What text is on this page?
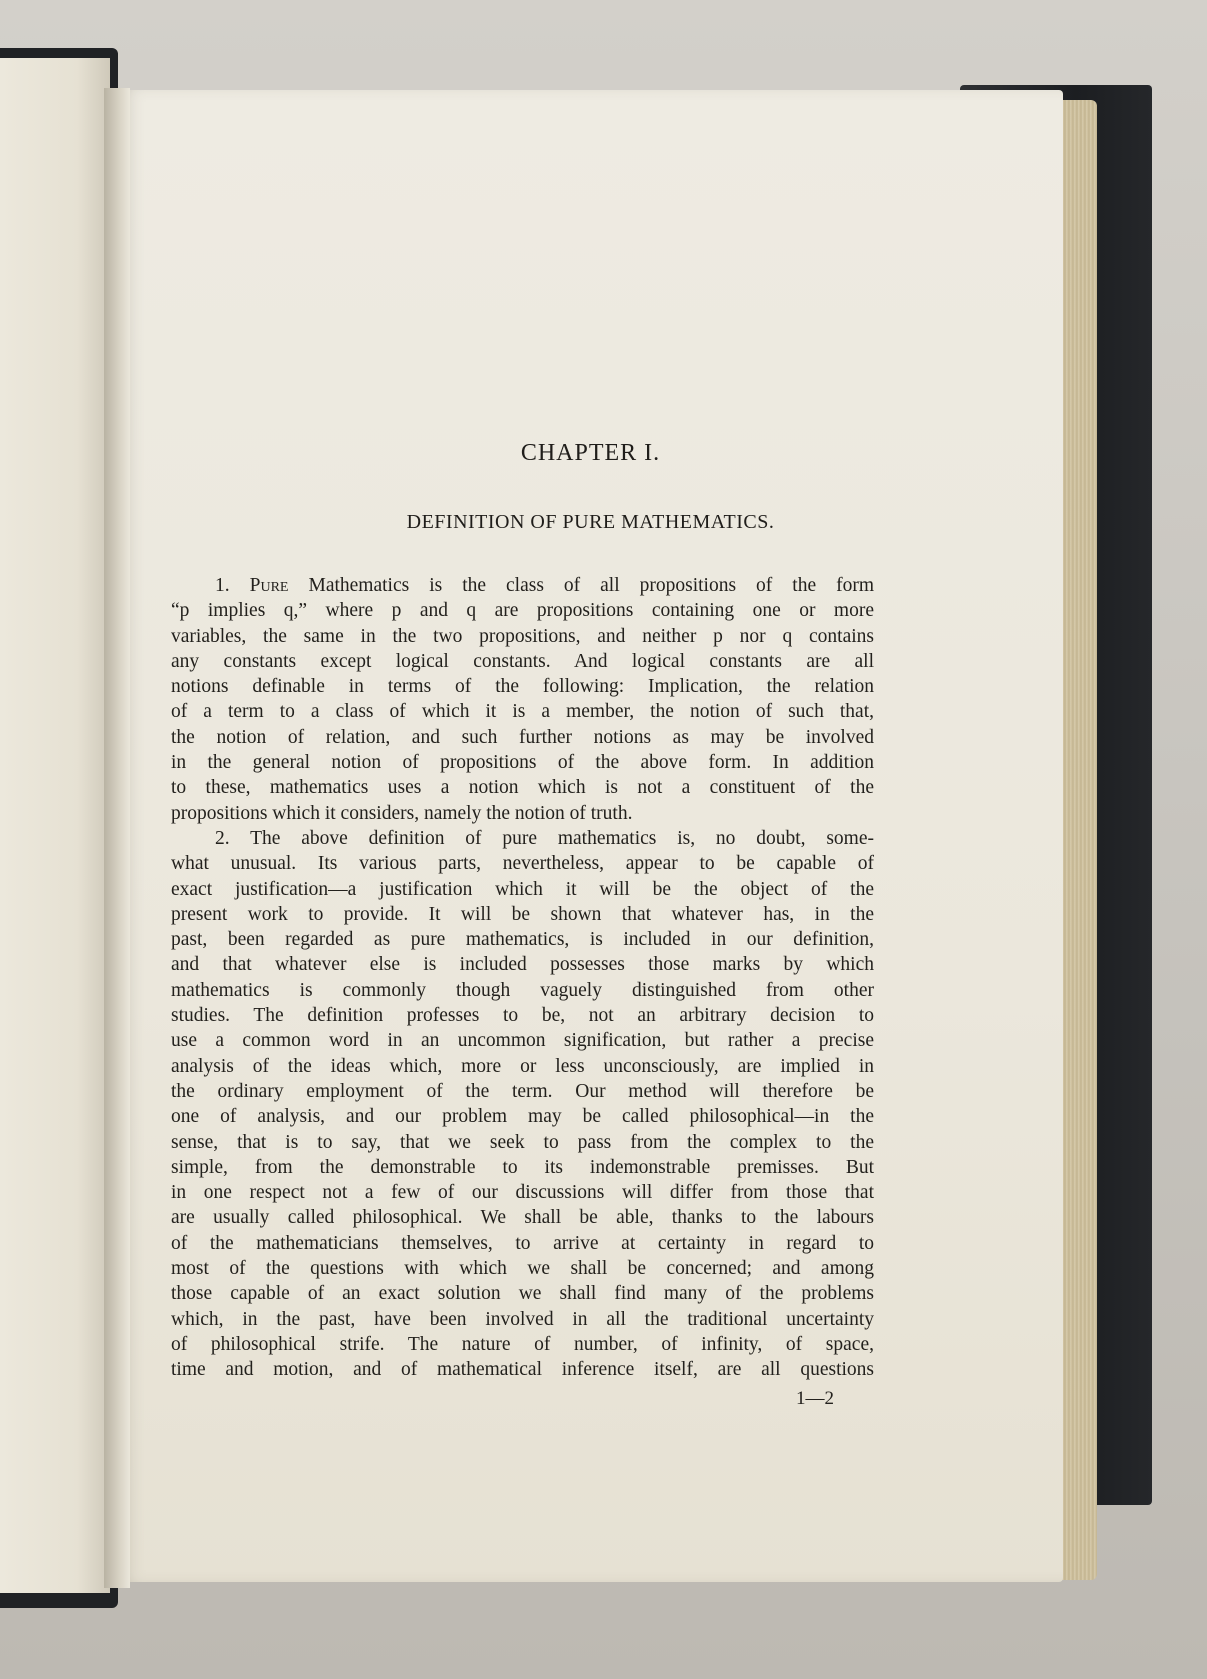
CHAPTER I.
DEFINITION OF PURE MATHEMATICS.
1. Pure Mathematics is the class of all propositions of the form
“p implies q,” where p and q are propositions containing one or more
variables, the same in the two propositions, and neither p nor q contains
any constants except logical constants. And logical constants are all
notions definable in terms of the following: Implication, the relation
of a term to a class of which it is a member, the notion of such that,
the notion of relation, and such further notions as may be involved
in the general notion of propositions of the above form. In addition
to these, mathematics uses a notion which is not a constituent of the
propositions which it considers, namely the notion of truth.
2. The above definition of pure mathematics is, no doubt, some-
what unusual. Its various parts, nevertheless, appear to be capable of
exact justification—a justification which it will be the object of the
present work to provide. It will be shown that whatever has, in the
past, been regarded as pure mathematics, is included in our definition,
and that whatever else is included possesses those marks by which
mathematics is commonly though vaguely distinguished from other
studies. The definition professes to be, not an arbitrary decision to
use a common word in an uncommon signification, but rather a precise
analysis of the ideas which, more or less unconsciously, are implied in
the ordinary employment of the term. Our method will therefore be
one of analysis, and our problem may be called philosophical—in the
sense, that is to say, that we seek to pass from the complex to the
simple, from the demonstrable to its indemonstrable premisses. But
in one respect not a few of our discussions will differ from those that
are usually called philosophical. We shall be able, thanks to the labours
of the mathematicians themselves, to arrive at certainty in regard to
most of the questions with which we shall be concerned; and among
those capable of an exact solution we shall find many of the problems
which, in the past, have been involved in all the traditional uncertainty
of philosophical strife. The nature of number, of infinity, of space,
time and motion, and of mathematical inference itself, are all questions
1—2
